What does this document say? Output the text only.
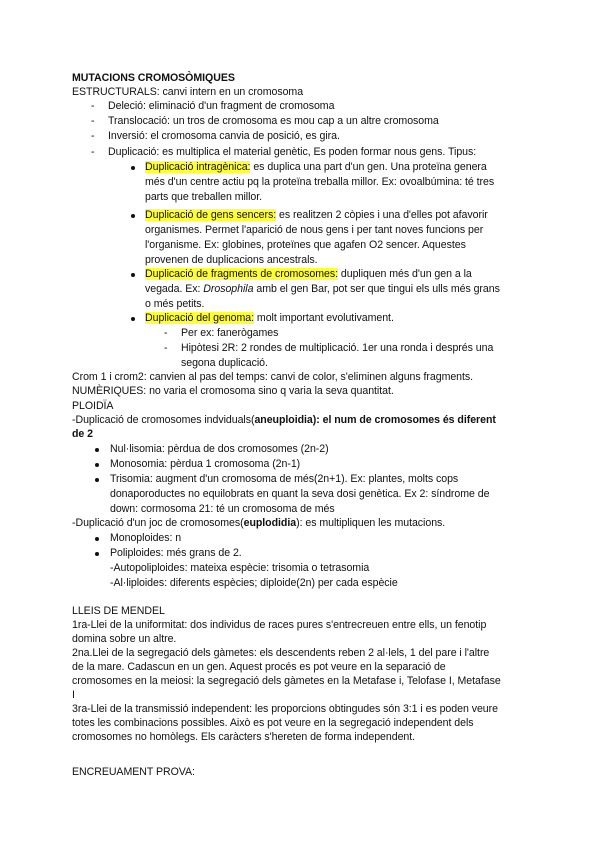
MUTACIONS CROMOSÒMIQUES
ESTRUCTURALS: canvi intern en un cromosoma
- Deleció: eliminació d'un fragment de cromosoma
- Translocació: un tros de cromosoma es mou cap a un altre cromosoma
- Inversió: el cromosoma canvia de posició, es gira.
- Duplicació: es multiplica el material genètic, Es poden formar nous gens. Tipus:
Duplicació intragènica: es duplica una part d'un gen. Una proteïna genera
més d'un centre actiu pq la proteïna treballa millor. Ex: ovoalbúmina: té tres
parts que treballen millor.
Duplicació de gens sencers: es realitzen 2 còpies i una d'elles pot afavorir
organismes. Permet l'aparició de nous gens i per tant noves funcions per
l'organisme. Ex: globines, proteïnes que agafen O2 sencer. Aquestes
provenen de duplicacions ancestrals.
Duplicació de fragments de cromosomes: dupliquen més d'un gen a la
vegada. Ex: Drosophila amb el gen Bar, pot ser que tingui els ulls més grans
o més petits.
Duplicació del genoma: molt important evolutivament.
- Per ex: fanerògames
- Hipòtesi 2R: 2 rondes de multiplicació. 1er una ronda i després una
segona duplicació.
Crom 1 i crom2: canvien al pas del temps: canvi de color, s'eliminen alguns fragments.
NUMÈRIQUES: no varia el cromosoma sino q varia la seva quantitat.
PLOIDÏA
-Duplicació de cromosomes indviduals(aneuploidia): el num de cromosomes és diferent
de 2
Nul·lisomia: pèrdua de dos cromosomes (2n-2)
Monosomia: pèrdua 1 cromosoma (2n-1)
Trisomia: augment d'un cromosoma de més(2n+1). Ex: plantes, molts cops
donaporoductes no equilobrats en quant la seva dosi genètica. Ex 2: síndrome de
down: cormosoma 21: té un cromosoma de més
-Duplicació d'un joc de cromosomes(euplodidia): es multipliquen les mutacions.
Monoploides: n
Poliploides: més grans de 2.
-Autopoliploides: mateixa espècie: trisomia o tetrasomia
-Al·liploides: diferents espècies; diploide(2n) per cada espècie
LLEIS DE MENDEL
1ra-Llei de la uniformitat: dos individus de races pures s'entrecreuen entre ells, un fenotip
domina sobre un altre.
2na.Llei de la segregació dels gàmetes: els descendents reben 2 al·lels, 1 del pare i l'altre
de la mare. Cadascun en un gen. Aquest procés es pot veure en la separació de
cromosomes en la meiosi: la segregació dels gàmetes en la Metafase i, Telofase I, Metafase
I
3ra-Llei de la transmissió independent: les proporcions obtingudes són 3:1 i es poden veure
totes les combinacions possibles. Això es pot veure en la segregació independent dels
cromosomes no homòlegs. Els caràcters s'hereten de forma independent.
ENCREUAMENT PROVA:
